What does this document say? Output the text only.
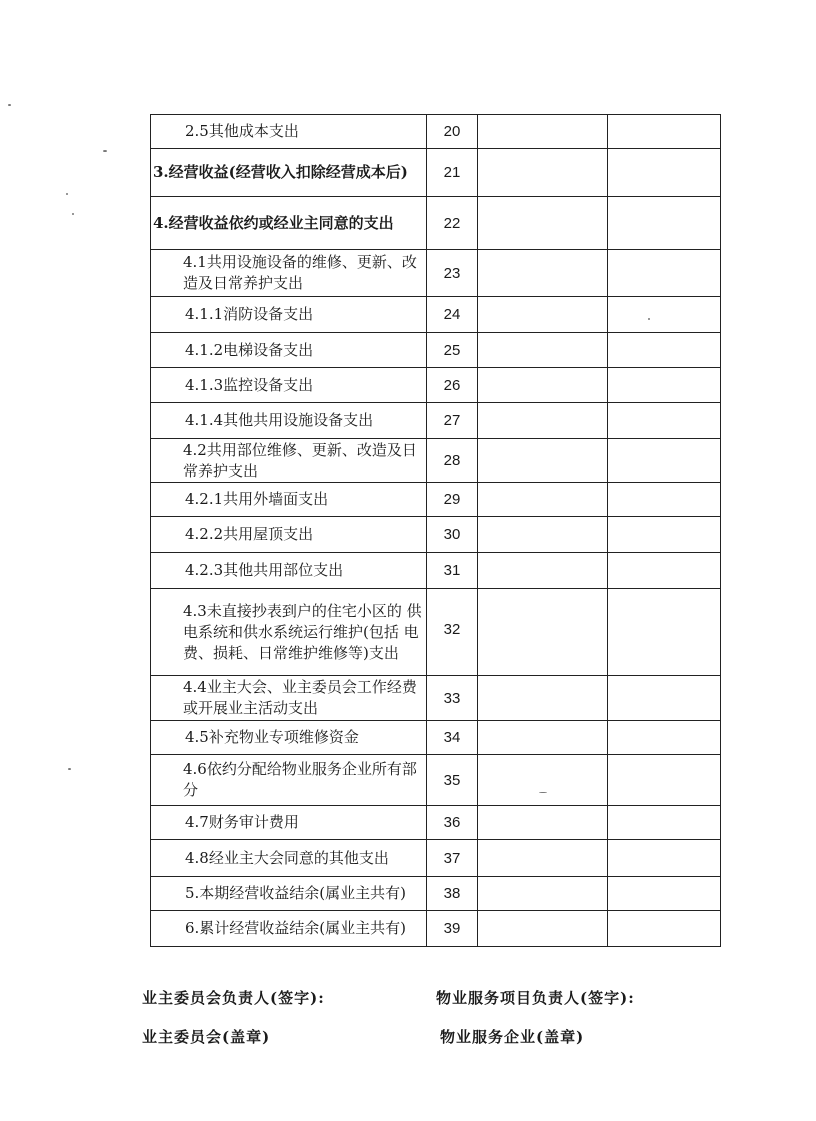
2.5其他成本支出	20		

3.经营收益(经营收入扣除经营成本后)	21		

4.经营收益依约或经业主同意的支出	22		

4.1共用设施设备的维修、更新、改造及日常养护支出	23		

4.1.1消防设备支出	24		

4.1.2电梯设备支出	25		

4.1.3监控设备支出	26		

4.1.4其他共用设施设备支出	27		

4.2共用部位维修、更新、改造及日常养护支出	28		

4.2.1共用外墙面支出	29		

4.2.2共用屋顶支出	30		

4.2.3其他共用部位支出	31		

4.3未直接抄表到户的住宅小区的 供电系统和供水系统运行维护(包括 电费、损耗、日常维护维修等)支出	32		

4.4业主大会、业主委员会工作经费 或开展业主活动支出	33		

4.5补充物业专项维修资金	34		

4.6依约分配给物业服务企业所有部分	35		

4.7财务审计费用	36		

4.8经业主大会同意的其他支出	37		

5.本期经营收益结余(属业主共有)	38		

6.累计经营收益结余(属业主共有)	39		
业主委员会负责人(签字):	物业服务项目负责人(签字):
业主委员会(盖章)	物业服务企业(盖章)
